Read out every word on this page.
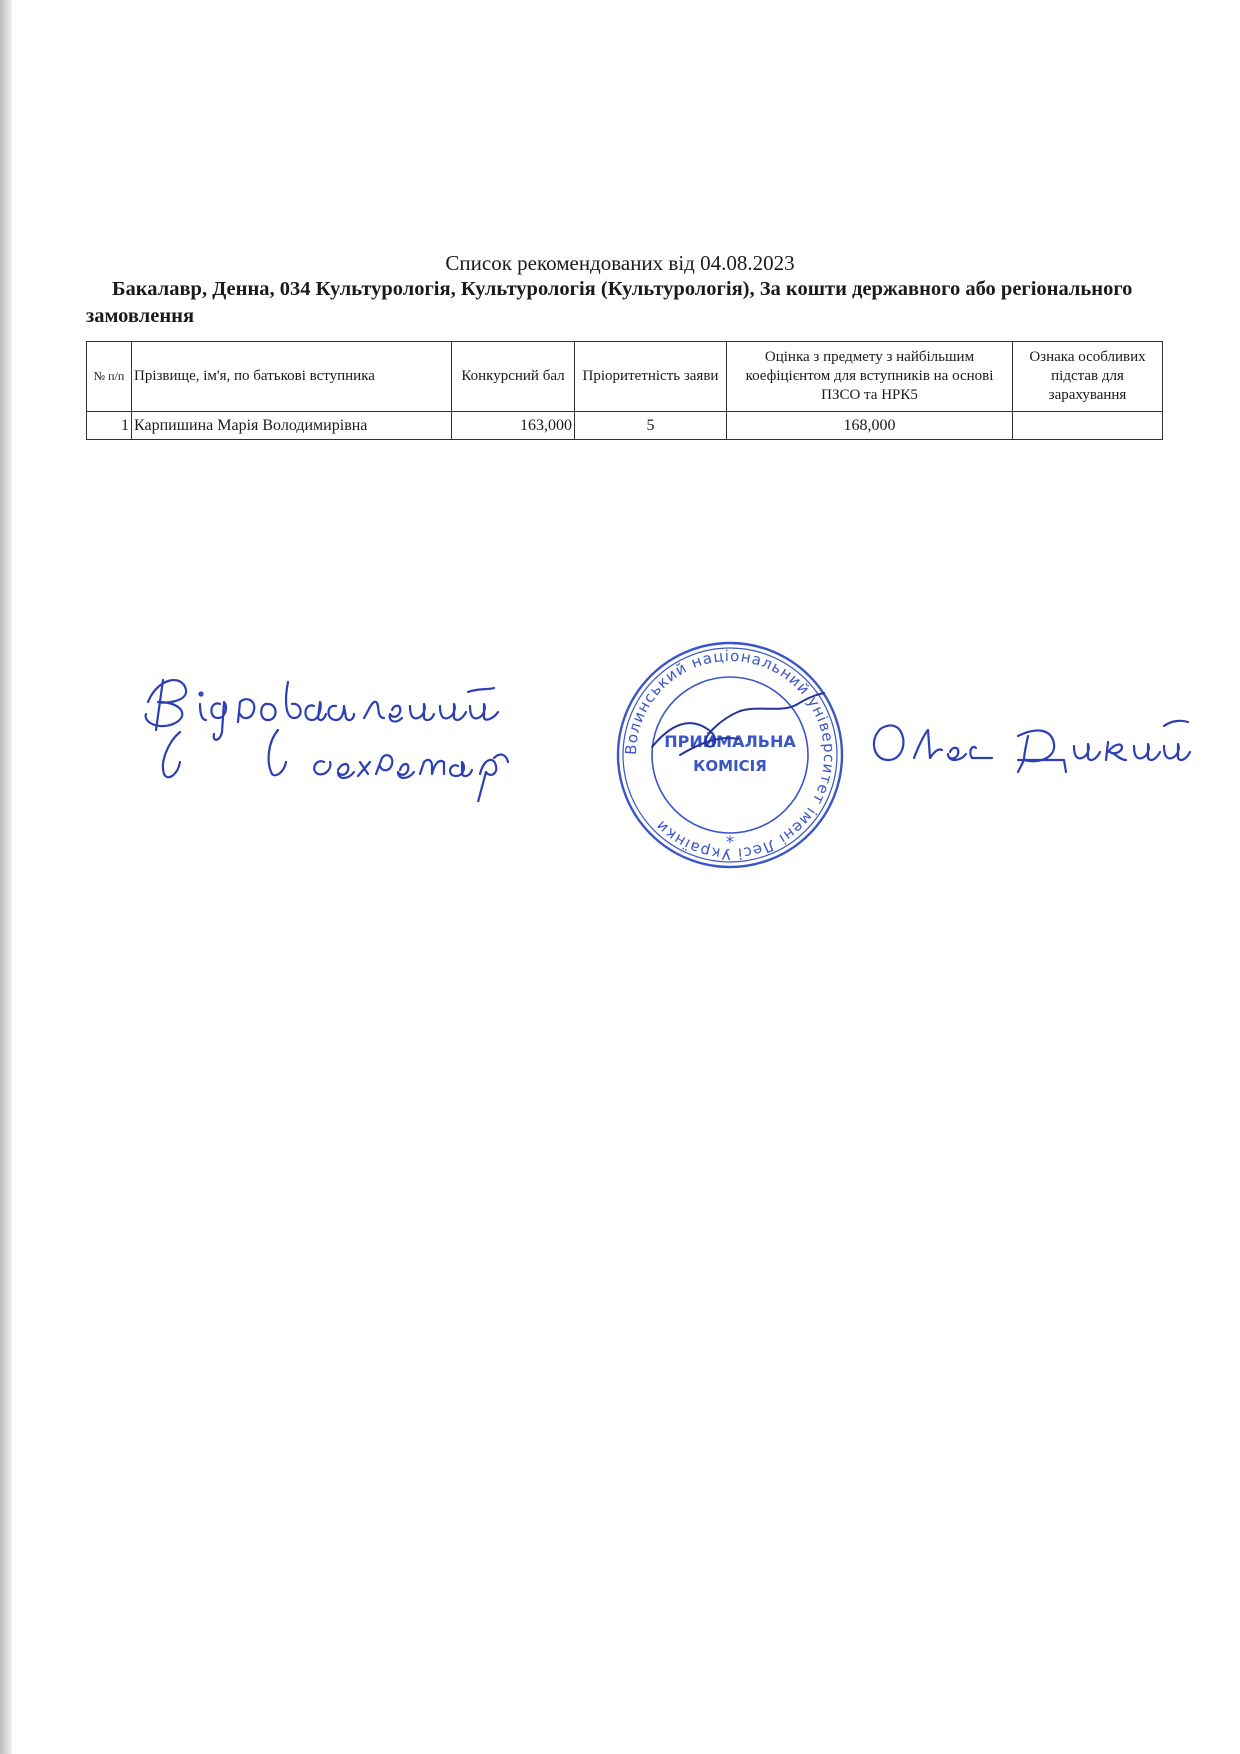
Список рекомендованих від 04.08.2023
Бакалавр, Денна, 034 Культурологія, Культурологія (Культурологія), За кошти державного або регіонального замовлення
№ п/п	Прізвище, ім'я, по батькові вступника	Конкурсний бал	Пріоритетність заяви	Оцінка з предмету з найбільшим коефіцієнтом для вступників на основі ПЗСО та НРК5	Ознака особливих підстав для зарахування
1	Карпишина Марія Володимирівна	163,000	5	168,000	
Волинський національний університет імені Лесі Українки
*
ПРИЙМАЛЬНА
КОМІСІЯ
